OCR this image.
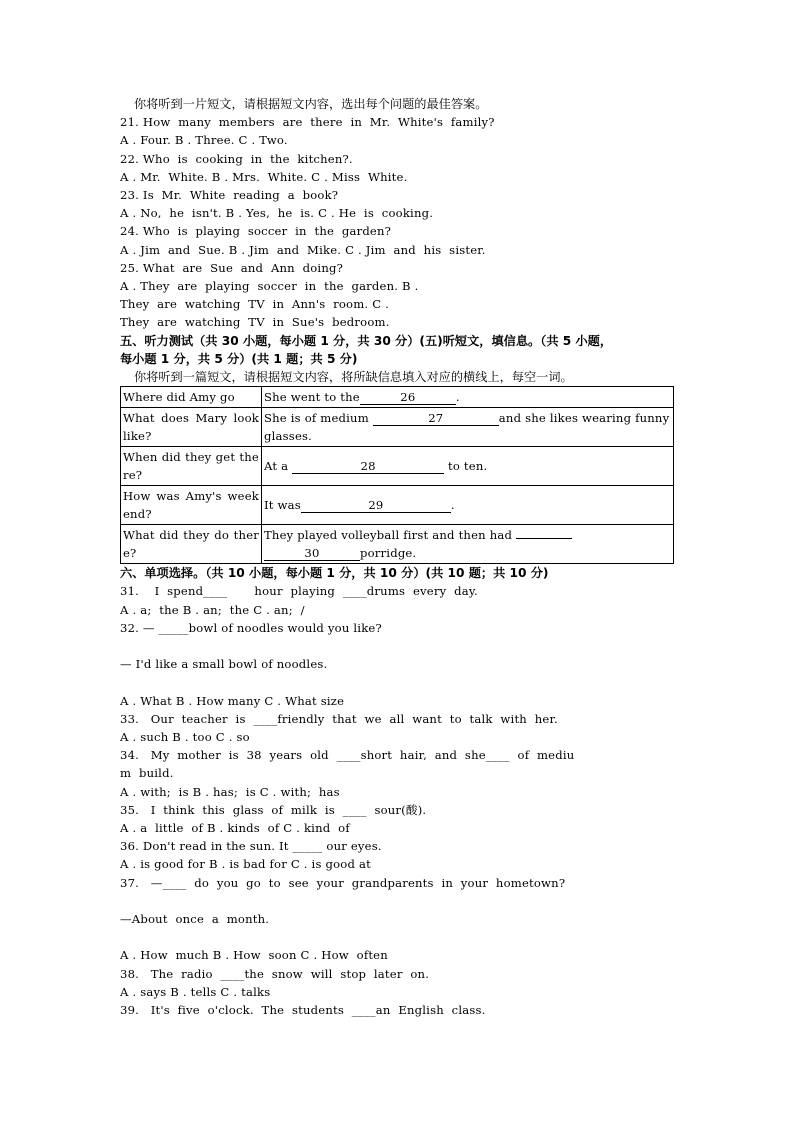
你将听到一片短文，请根据短文内容，选出每个问题的最佳答案。
21. How  many  members  are  there  in  Mr.  White's  family?
A . Four. B . Three. C . Two.
22. Who  is  cooking  in  the  kitchen?.
A . Mr.  White. B . Mrs.  White. C . Miss  White.
23. Is  Mr.  White  reading  a  book?
A . No,  he  isn't. B . Yes,  he  is. C . He  is  cooking.
24. Who  is  playing  soccer  in  the  garden?
A . Jim  and  Sue. B . Jim  and  Mike. C . Jim  and  his  sister.
25. What  are  Sue  and  Ann  doing?
A . They  are  playing  soccer  in  the  garden. B .
They  are  watching  TV  in  Ann's  room. C .
They  are  watching  TV  in  Sue's  bedroom.
五、听力测试（共 30 小题，每小题 1 分，共 30 分）(五)听短文，填信息。（共 5 小题，
每小题 1 分，共 5 分）(共 1 题；共 5 分)
你将听到一篇短文，请根据短文内容，将所缺信息填入对应的横线上，每空一词。
Where did Amy go	She went to the 26 .

What does Mary look like?	She is of medium 27 and she likes wearing funny glasses.

When did they get there?	At a 28 to ten.

How was Amy's weekend?	It was 29 .

What did they do there?	They played volleyball first and then had
30 porridge.
六、单项选择。（共 10 小题，每小题 1 分，共 10 分）(共 10 题；共 10 分)
31.    I  spend____       hour  playing  ____drums  every  day.
A . a;  the B . an;  the C . an;  /
32. — _____bowl of noodles would you like?
— I'd like a small bowl of noodles.
A . What B . How many C . What size
33.   Our  teacher  is  ____friendly  that  we  all  want  to  talk  with  her.
A . such B . too C . so
34.   My  mother  is  38  years  old  ____short  hair,  and  she____  of  mediu
m  build.
A . with;  is B . has;  is C . with;  has
35.   I  think  this  glass  of  milk  is  ____  sour(酸).
A . a  little  of B . kinds  of C . kind  of
36. Don't read in the sun. It _____ our eyes.
A . is good for B . is bad for C . is good at
37.   —____  do  you  go  to  see  your  grandparents  in  your  hometown?
—About  once  a  month.
A . How  much B . How  soon C . How  often
38.   The  radio  ____the  snow  will  stop  later  on.
A . says B . tells C . talks
39.   It's  five  o'clock.  The  students  ____an  English  class.
